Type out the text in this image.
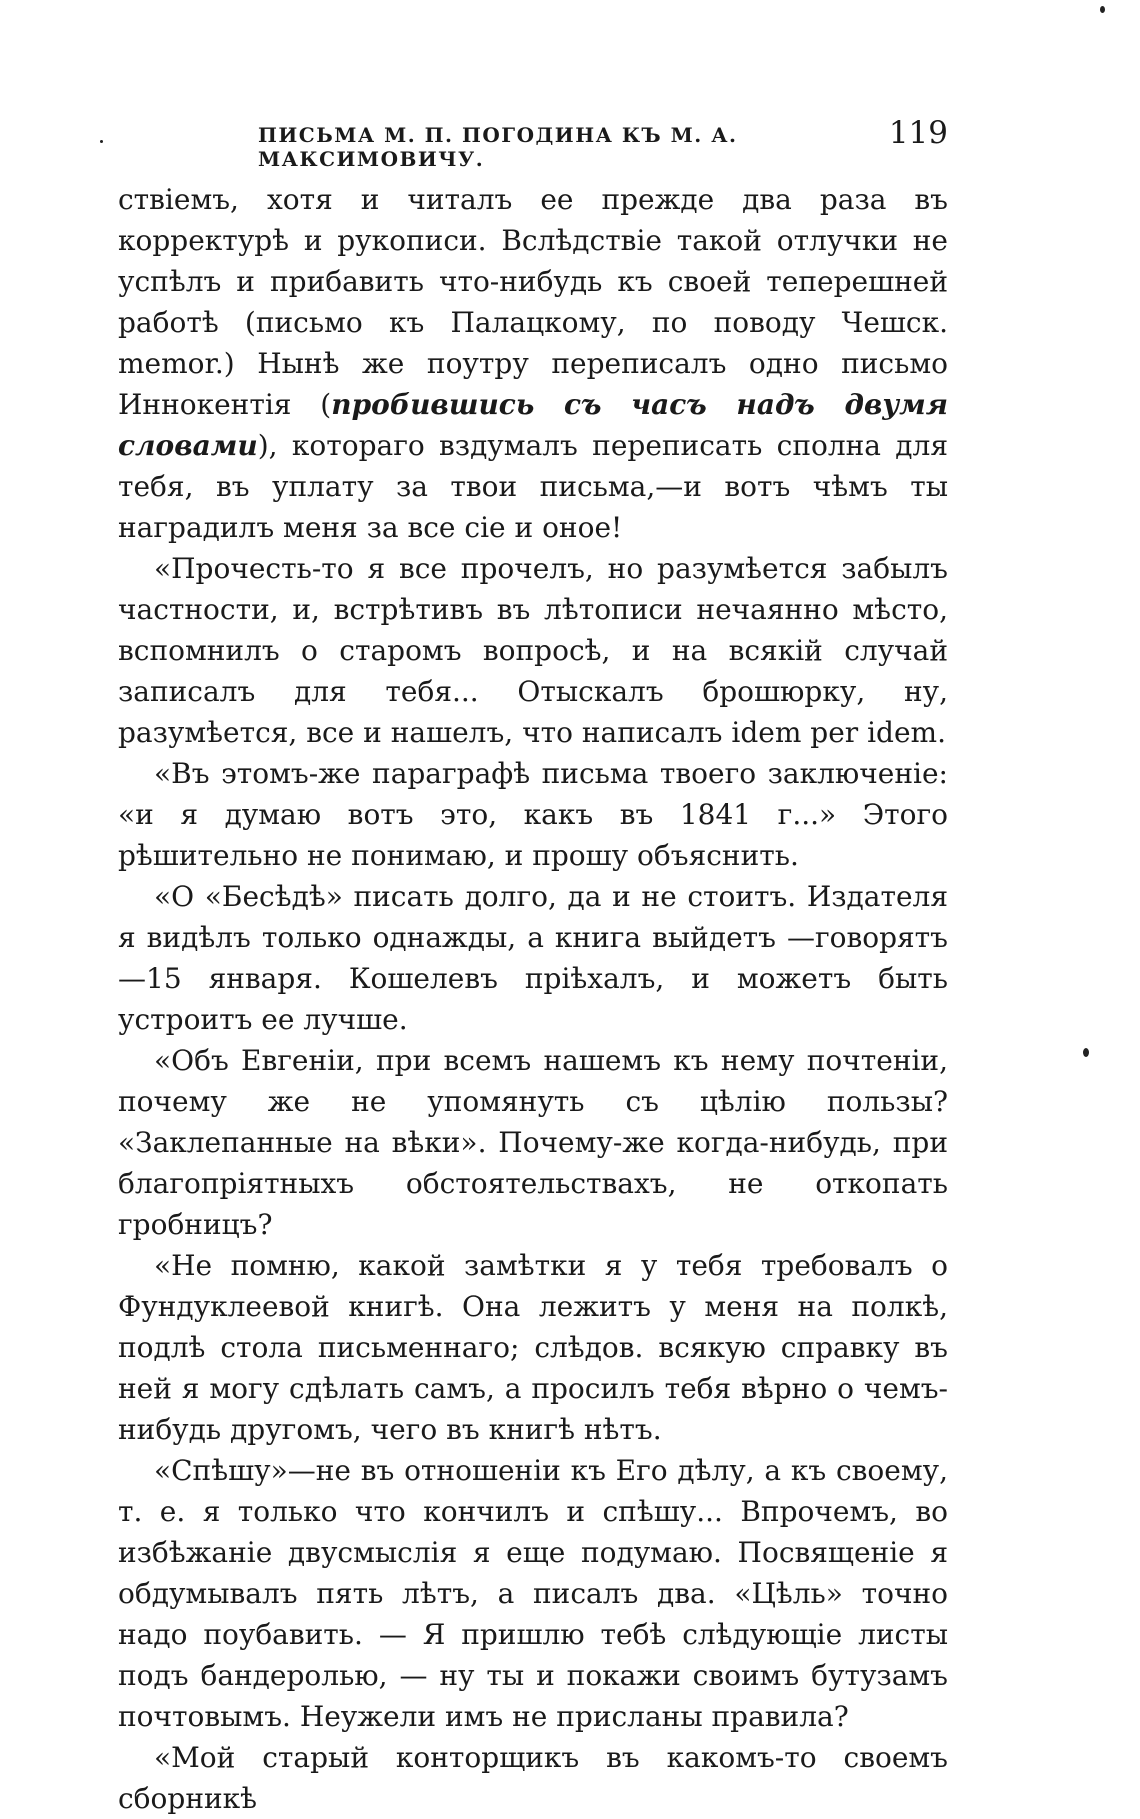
ПИСЬМА М. П. ПОГОДИНА КЪ М. А. МАКСИМОВИЧУ.
119

ствіемъ, хотя и читалъ ее прежде два раза въ корректурѣ и рукописи. Вслѣдствіе такой отлучки не успѣлъ и прибавить что-нибудь къ своей теперешней работѣ (письмо къ Палацкому, по поводу Чешск. memor.) Нынѣ же поутру переписалъ одно письмо Иннокентія (пробившись съ часъ надъ двумя словами), котораго вздумалъ переписать сполна для тебя, въ уплату за твои письма,—и вотъ чѣмъ ты наградилъ меня за все сіе и оное!

«Прочесть-то я все прочелъ, но разумѣется забылъ частности, и, встрѣтивъ въ лѣтописи нечаянно мѣсто, вспомнилъ о старомъ вопросѣ, и на всякій случай записалъ для тебя... Отыскалъ брошюрку, ну, разумѣется, все и нашелъ, что написалъ idem per idem.

«Въ этомъ-же параграфѣ письма твоего заключеніе: «и я думаю вотъ это, какъ въ 1841 г...» Этого рѣшительно не понимаю, и прошу объяснить.

«О «Бесѣдѣ» писать долго, да и не стоитъ. Издателя я видѣлъ только однажды, а книга выйдетъ —говорятъ—15 января. Кошелевъ пріѣхалъ, и можетъ быть устроитъ ее лучше.

«Объ Евгеніи, при всемъ нашемъ къ нему почтеніи, почему же не упомянуть съ цѣлію пользы? «Заклепанные на вѣки». Почему-же когда-нибудь, при благопріятныхъ обстоятельствахъ, не откопать гробницъ?

«Не помню, какой замѣтки я у тебя требовалъ о Фундуклеевой книгѣ. Она лежитъ у меня на полкѣ, подлѣ стола письменнаго; слѣдов. всякую справку въ ней я могу сдѣлать самъ, а просилъ тебя вѣрно о чемъ-нибудь другомъ, чего въ книгѣ нѣтъ.

«Спѣшу»—не въ отношеніи къ Его дѣлу, а къ своему, т. е. я только что кончилъ и спѣшу... Впрочемъ, во избѣжаніе двусмыслія я еще подумаю. Посвященіе я обдумывалъ пять лѣтъ, а писалъ два. «Цѣль» точно надо поубавить. — Я пришлю тебѣ слѣдующіе листы подъ бандеролью, — ну ты и покажи своимъ бутузамъ почтовымъ. Неужели имъ не присланы правила?

«Мой старый конторщикъ въ какомъ-то своемъ сборникѣ
